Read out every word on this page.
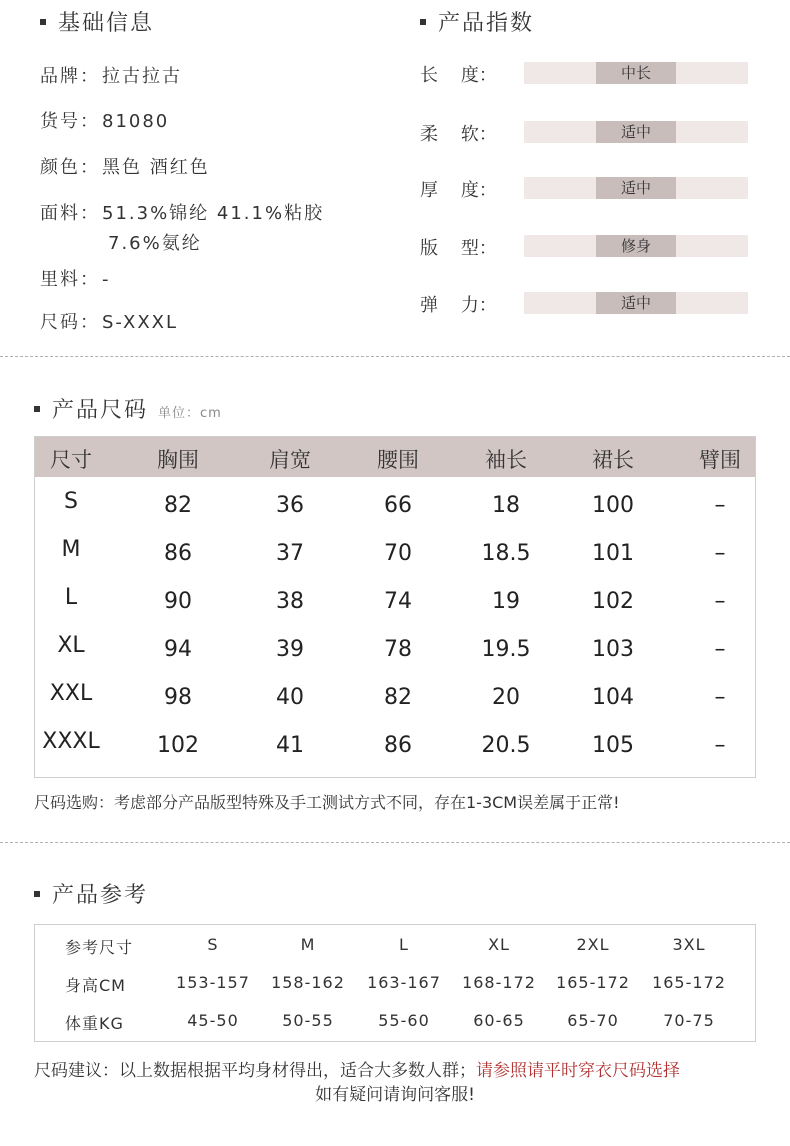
基础信息
品牌： 拉古拉古
货号： 81080
颜色： 黑色 酒红色
面料： 51.3%锦纶 41.1%粘胶
7.6%氨纶
里料： -
尺码： S-XXXL
产品指数
长    度：	中长
柔    软：	适中
厚    度：	适中
版    型：	修身
弹    力：	适中
产品尺码 单位：cm
尺寸	胸围	肩宽	腰围	袖长	裙长	臂围
S	82	36	66	18	100	–
M	86	37	70	18.5	101	–
L	90	38	74	19	102	–
XL	94	39	78	19.5	103	–
XXL	98	40	82	20	104	–
XXXL	102	41	86	20.5	105	–
尺码选购：考虑部分产品版型特殊及手工测试方式不同，存在1-3CM误差属于正常!
产品参考
参考尺寸	S	M	L	XL	2XL	3XL
身高CM	153-157	158-162	163-167	168-172	165-172	165-172
体重KG	45-50	50-55	55-60	60-65	65-70	70-75
尺码建议：以上数据根据平均身材得出，适合大多数人群；请参照请平时穿衣尺码选择
如有疑问请询问客服!
